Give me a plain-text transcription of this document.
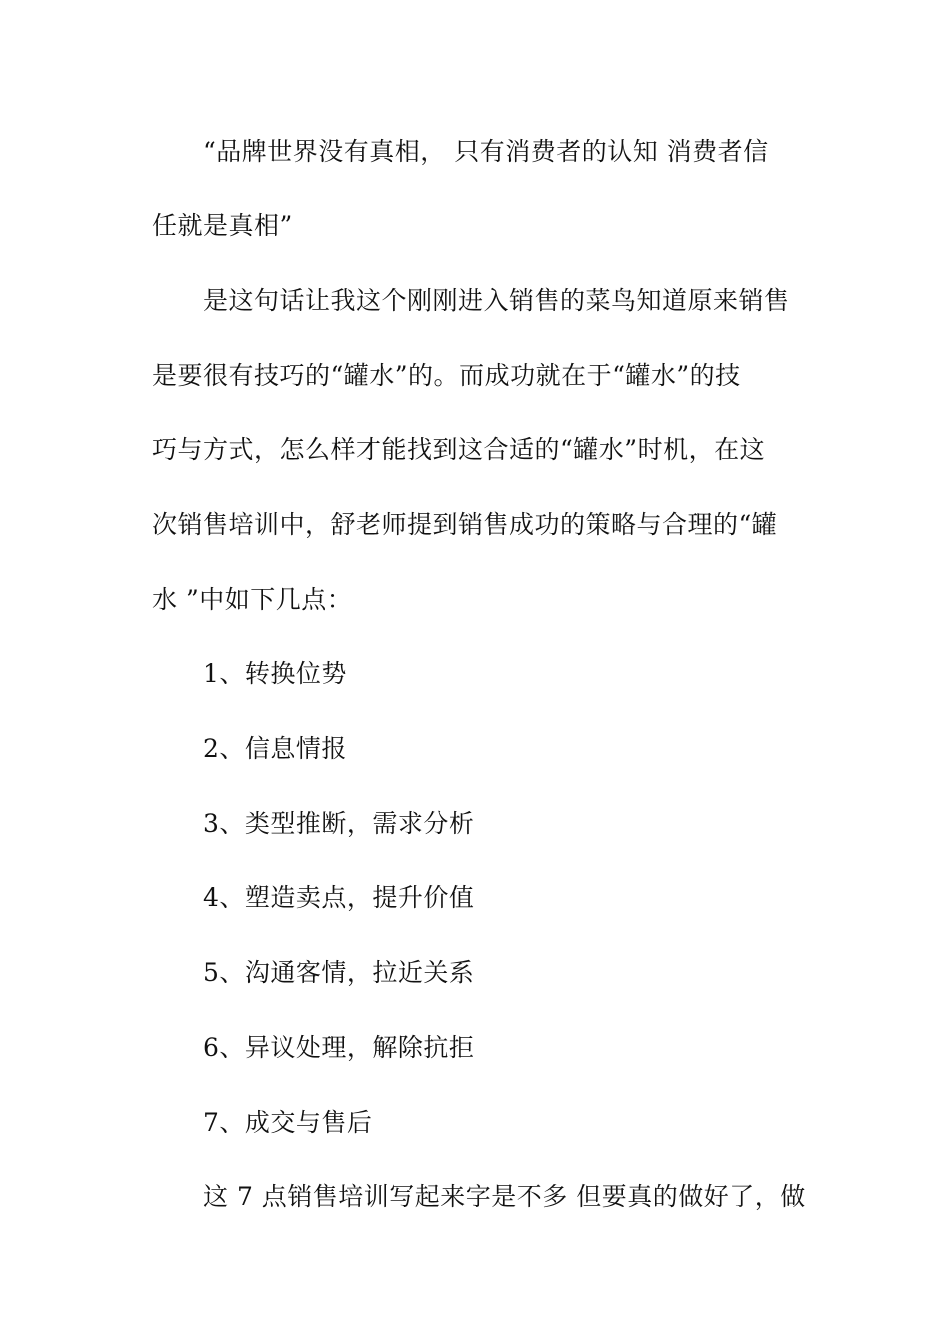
“品牌世界没有真相， 只有消费者的认知 消费者信
任就是真相”
是这句话让我这个刚刚进入销售的菜鸟知道原来销售
是要很有技巧的“罐水”的。而成功就在于“罐水”的技
巧与方式，怎么样才能找到这合适的“罐水”时机，在这
次销售培训中，舒老师提到销售成功的策略与合理的“罐
水 ”中如下几点：
1、转换位势
2、信息情报
3、类型推断，需求分析
4、塑造卖点，提升价值
5、沟通客情，拉近关系
6、异议处理，解除抗拒
7、成交与售后
这 7 点销售培训写起来字是不多 但要真的做好了，做
